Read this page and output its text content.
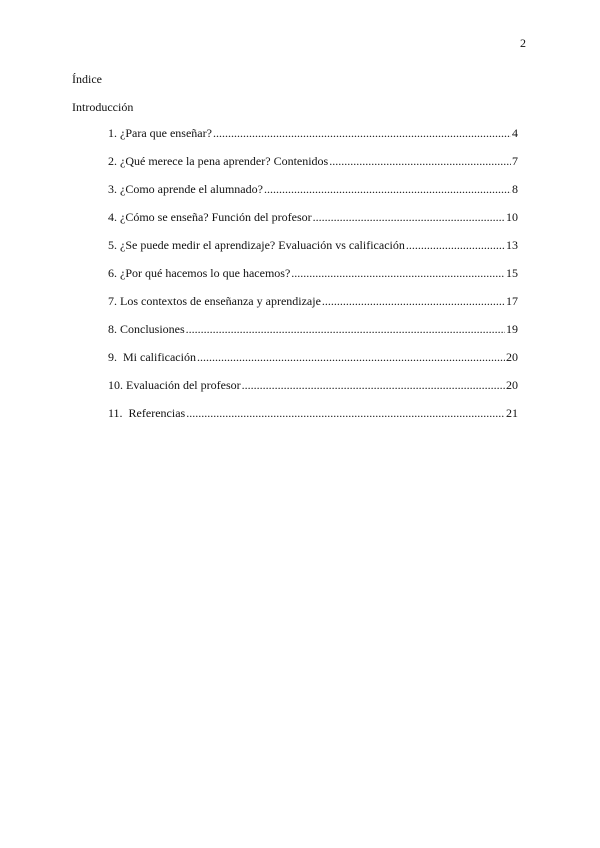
2
Índice
Introducción
1. ¿Para que enseñar? .....	4
2. ¿Qué merece la pena aprender? Contenidos .....	7
3. ¿Como aprende el alumnado? .....	8
4. ¿Cómo se enseña? Función del profesor .....	10
5. ¿Se puede medir el aprendizaje? Evaluación vs calificación .....	13
6. ¿Por qué hacemos lo que hacemos? .....	15
7. Los contextos de enseñanza y aprendizaje .....	17
8. Conclusiones .....	19
9.  Mi calificación .....	20
10. Evaluación del profesor .....	20
11.  Referencias .....	21
